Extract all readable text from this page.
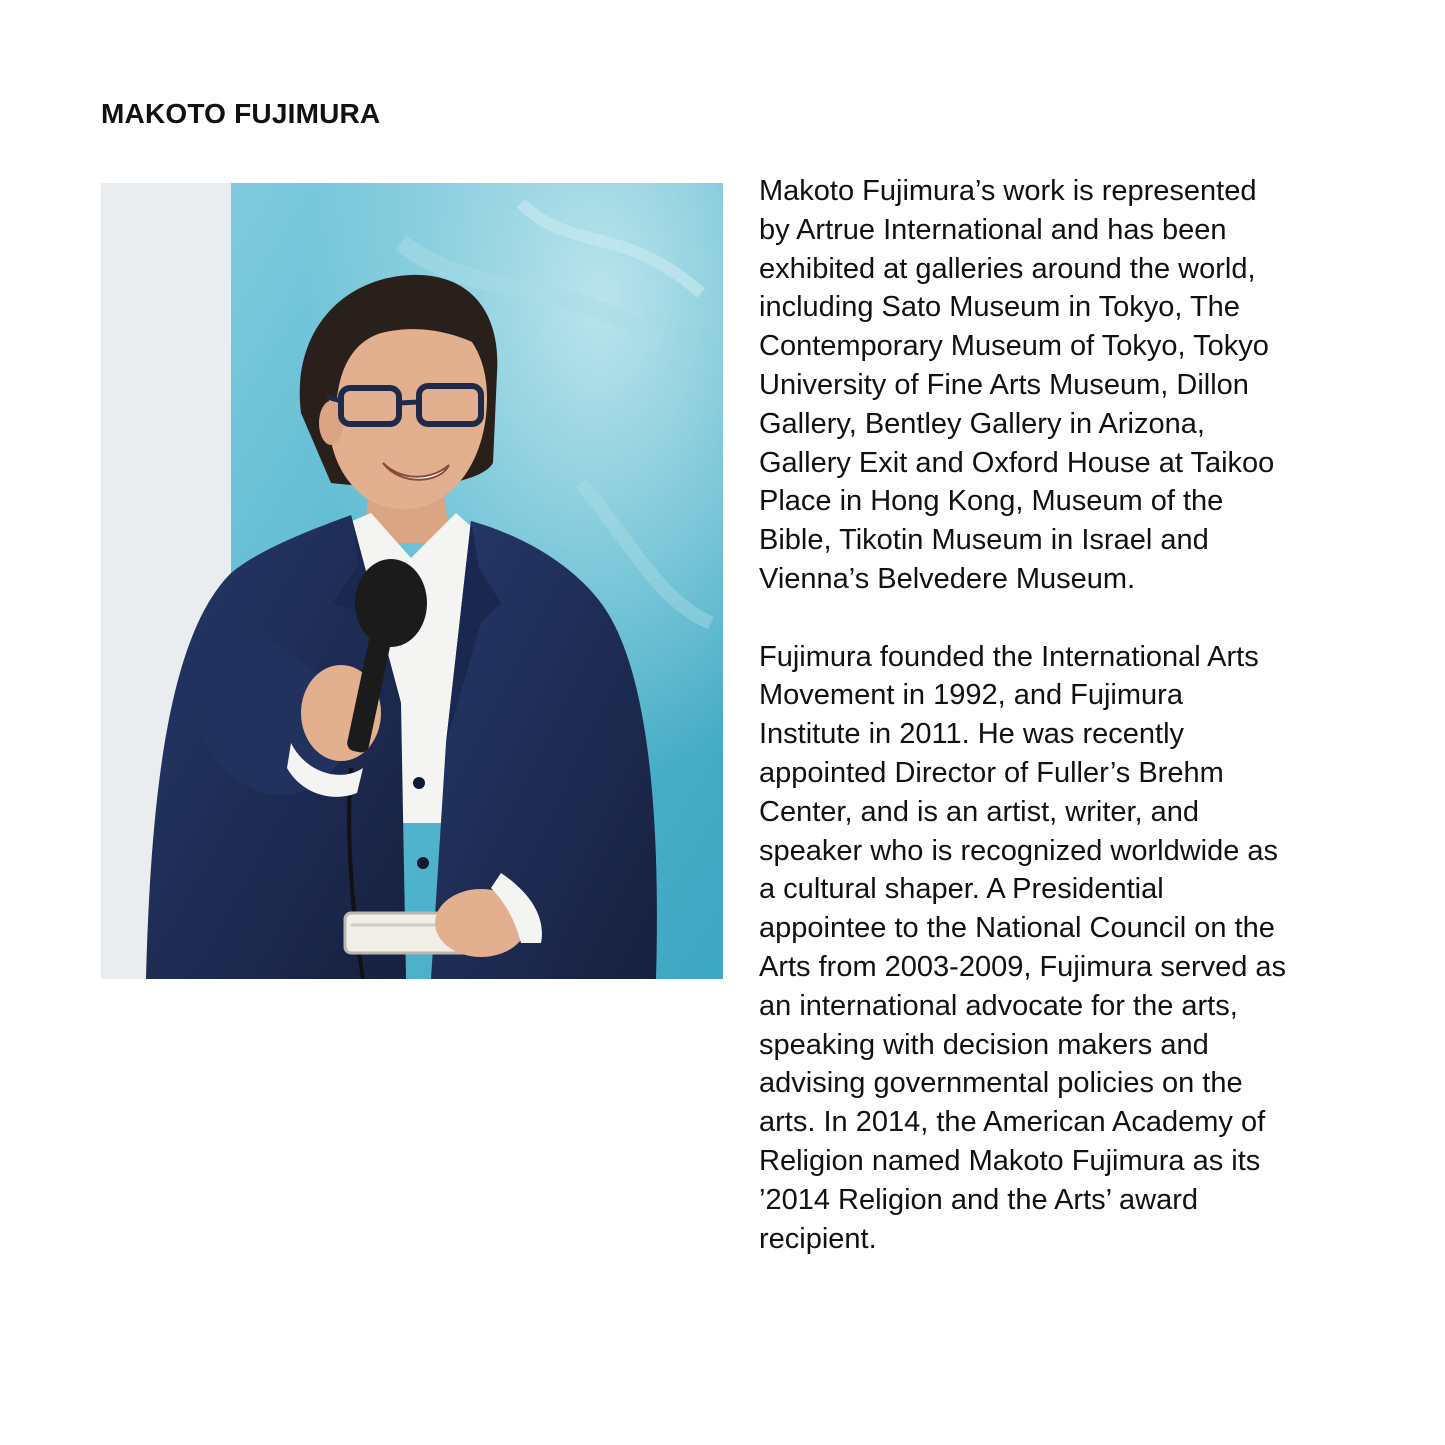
MAKOTO FUJIMURA
Makoto Fujimura’s work is represented
by Artrue International and has been
exhibited at galleries around the world,
including Sato Museum in Tokyo, The
Contemporary Museum of Tokyo, Tokyo
University of Fine Arts Museum, Dillon
Gallery, Bentley Gallery in Arizona,
Gallery Exit and Oxford House at Taikoo
Place in Hong Kong, Museum of the
Bible, Tikotin Museum in Israel and
Vienna’s Belvedere Museum.
Fujimura founded the International Arts
Movement in 1992, and Fujimura
Institute in 2011. He was recently
appointed Director of Fuller’s Brehm
Center, and is an artist, writer, and
speaker who is recognized worldwide as
a cultural shaper. A Presidential
appointee to the National Council on the
Arts from 2003-2009, Fujimura served as
an international advocate for the arts,
speaking with decision makers and
advising governmental policies on the
arts. In 2014, the American Academy of
Religion named Makoto Fujimura as its
’2014 Religion and the Arts’ award
recipient.
